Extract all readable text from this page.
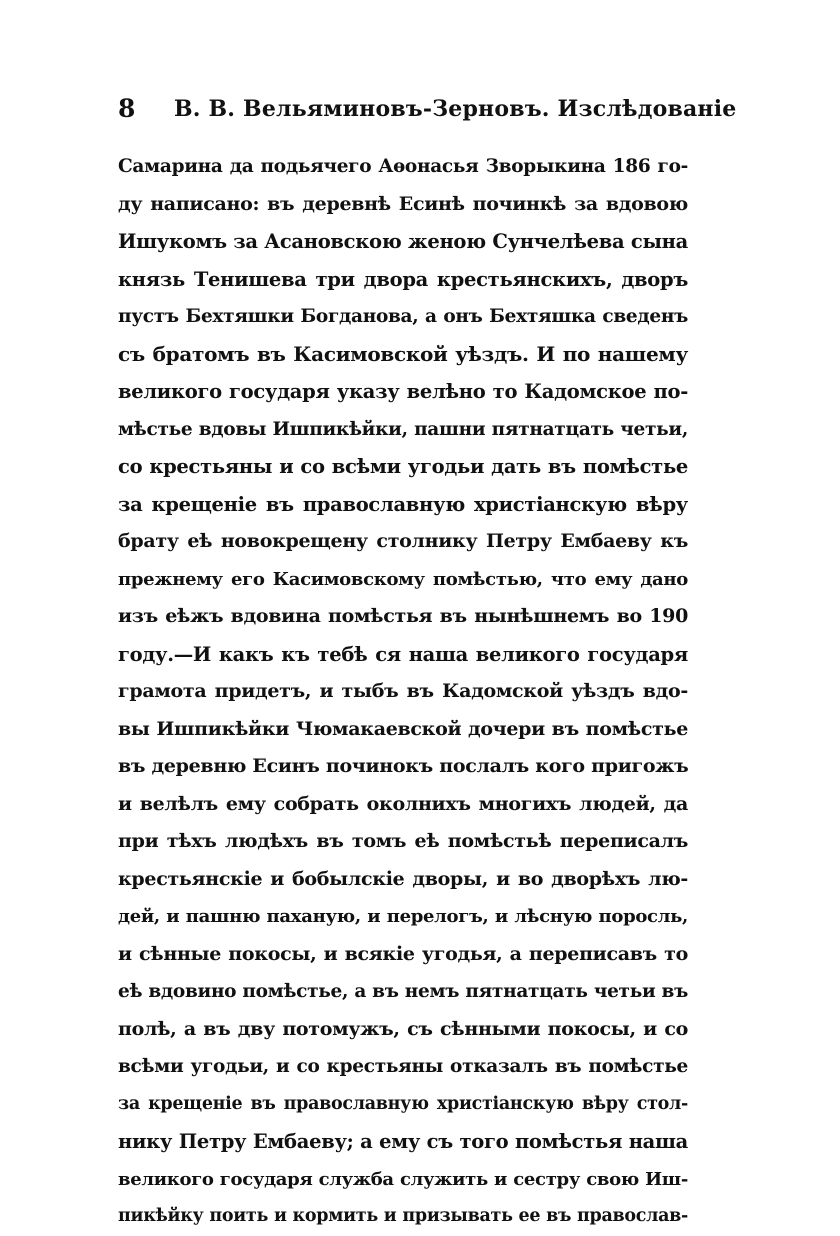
8 В. В. Вельяминовъ-Зерновъ. Изслѣдованiе
Самарина да подьячего Аѳонасья Зворыкина 186 го-
ду написано: въ деревнѣ Есинѣ починкѣ за вдовою
Ишукомъ за Асановскою женою Сунчелѣева сына
князь Тенишева три двора крестьянскихъ, дворъ
пустъ Бехтяшки Богданова, а онъ Бехтяшка сведенъ
съ братомъ въ Касимовской уѣздъ. И по нашему
великого государя указу велѣно то Кадомское по-
мѣстье вдовы Ишпикѣйки, пашни пятнатцать четьи,
со крестьяны и со всѣми угодьи дать въ помѣстье
за крещенiе въ православную христiанскую вѣру
брату еѣ новокрещену столнику Петру Ембаеву къ
прежнему его Касимовскому помѣстью, что ему дано
изъ еѣжъ вдовина помѣстья въ нынѣшнемъ во 190
году.—И какъ къ тебѣ ся наша великого государя
грамота придетъ, и тыбъ въ Кадомской уѣздъ вдо-
вы Ишпикѣйки Чюмакаевской дочери въ помѣстье
въ деревню Есинъ починокъ послалъ кого пригожъ
и велѣлъ ему собрать околнихъ многихъ людей, да
при тѣхъ людѣхъ въ томъ еѣ помѣстьѣ переписалъ
крестьянскiе и бобылскiе дворы, и во дворѣхъ лю-
дей, и пашню паханую, и перелогъ, и лѣсную поросль,
и сѣнные покосы, и всякiе угодья, а переписавъ то
еѣ вдовино помѣстье, а въ немъ пятнатцать четьи въ
полѣ, а въ дву потомужъ, съ сѣнными покосы, и со
всѣми угодьи, и со крестьяны отказалъ въ помѣстье
за крещенiе въ православную христiанскую вѣру стол-
нику Петру Ембаеву; а ему съ того помѣстья наша
великого государя служба служить и сестру свою Иш-
пикѣйку поить и кормить и призывать ее въ православ-
